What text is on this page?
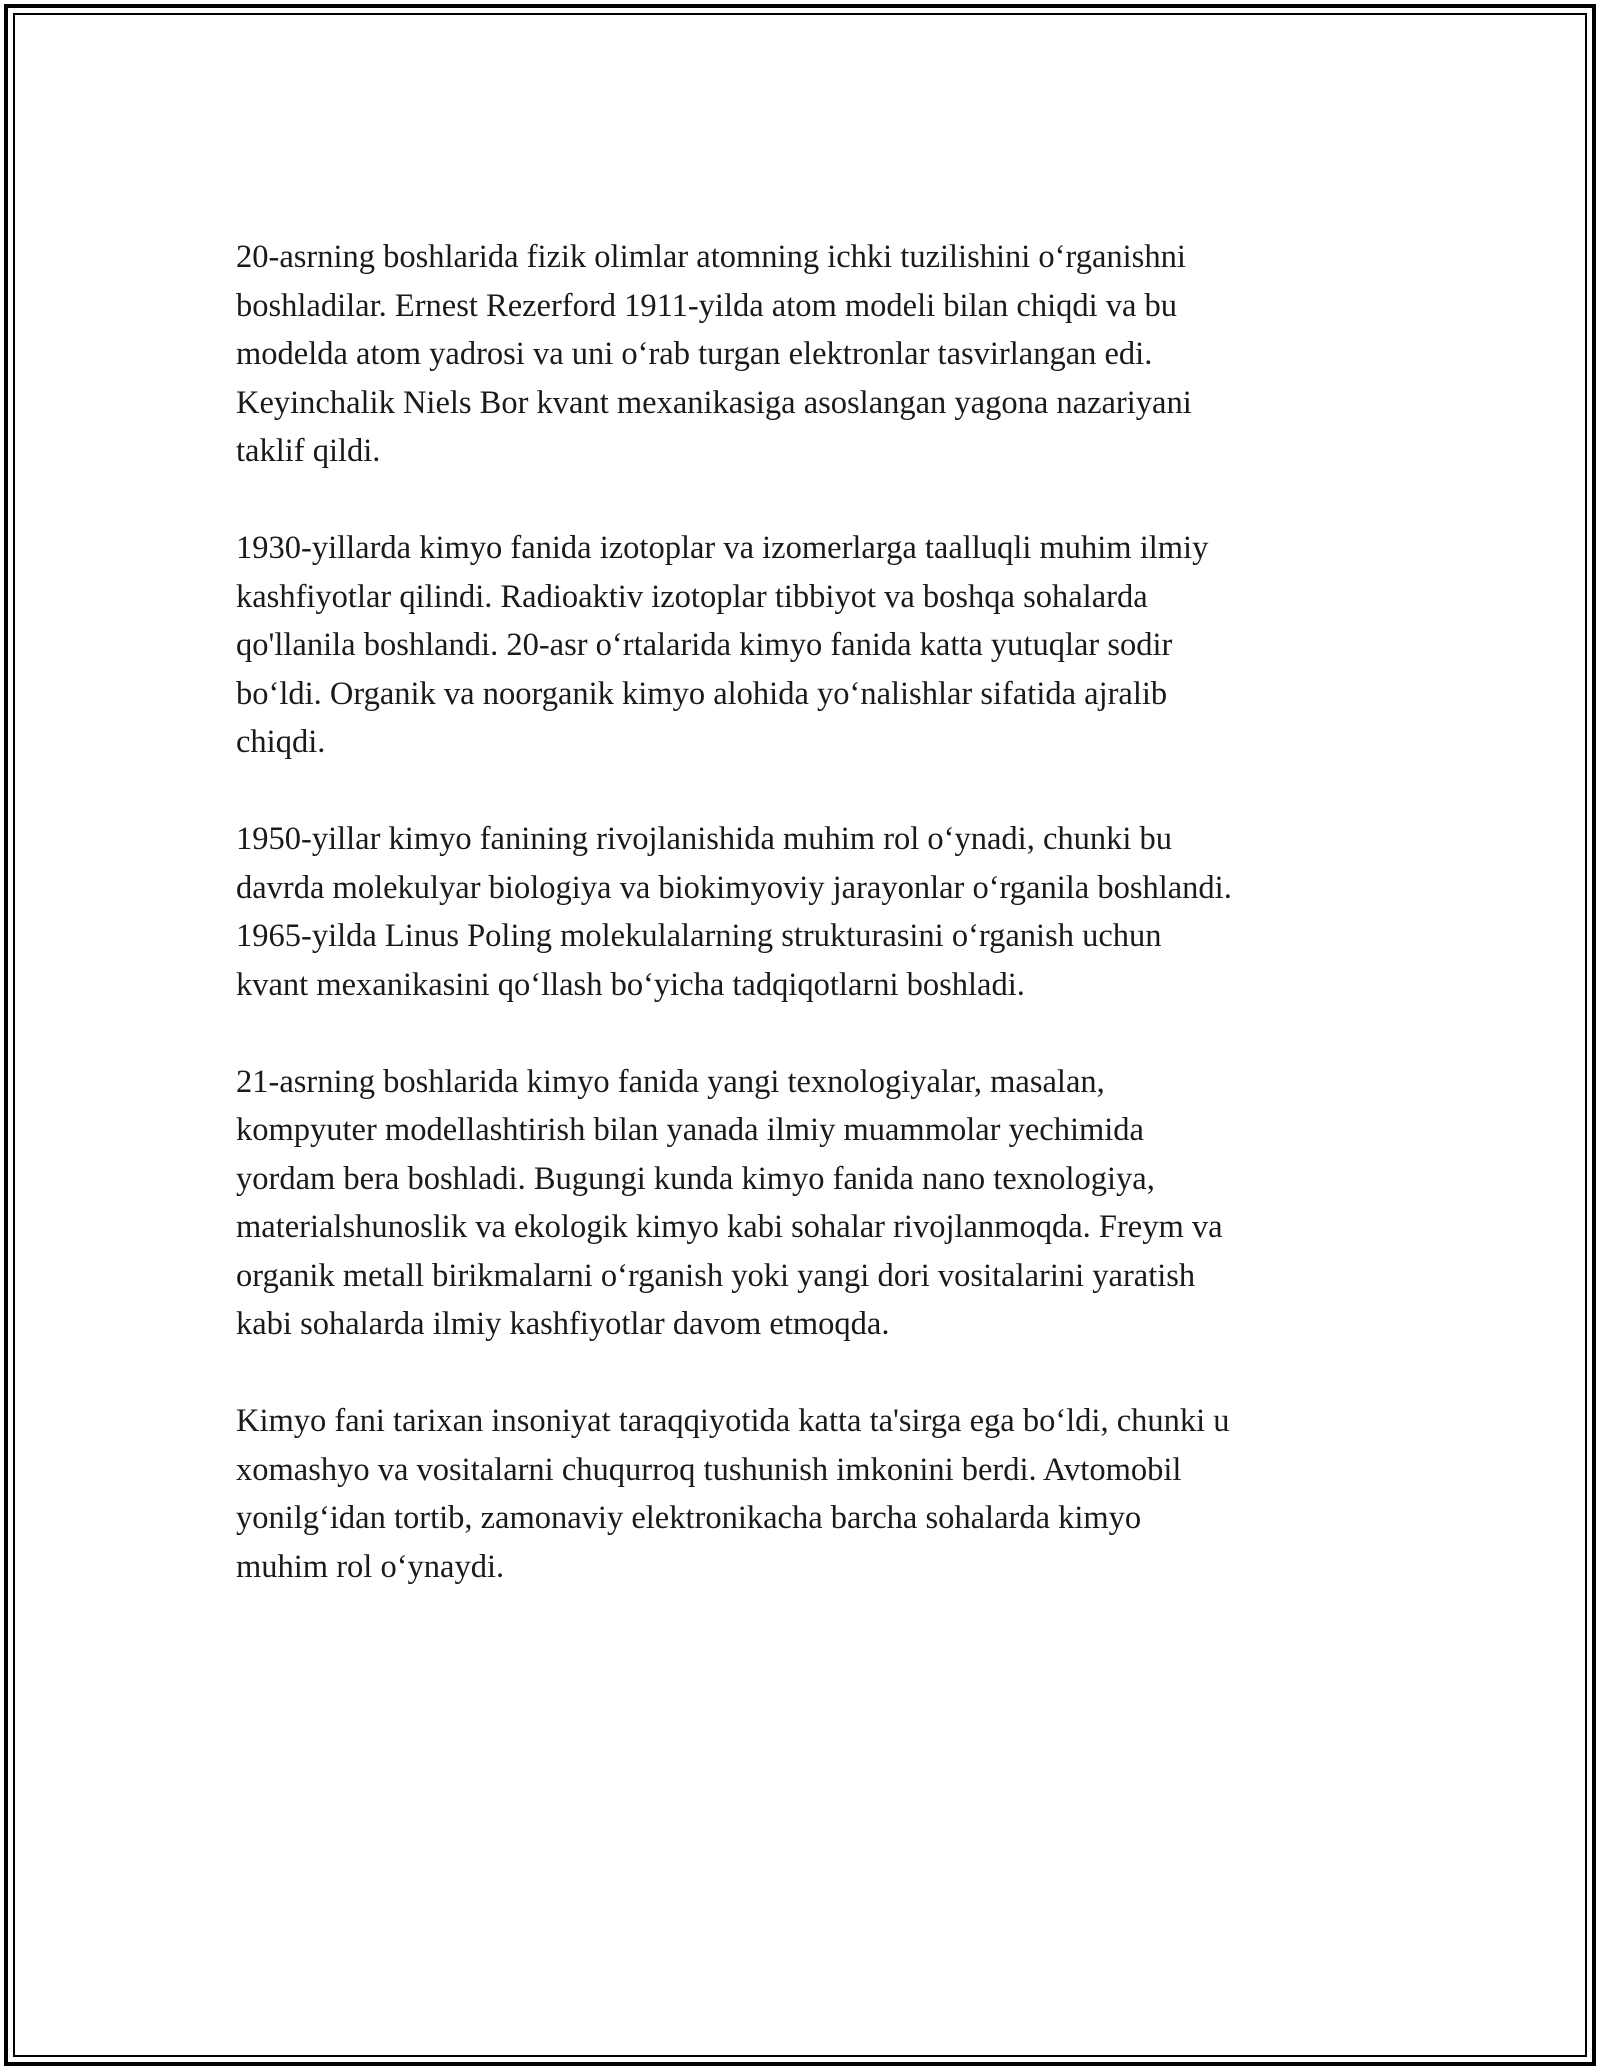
20-asrning boshlarida fizik olimlar atomning ichki tuzilishini o‘rganishni
boshladilar. Ernest Rezerford 1911-yilda atom modeli bilan chiqdi va bu
modelda atom yadrosi va uni o‘rab turgan elektronlar tasvirlangan edi.
Keyinchalik Niels Bor kvant mexanikasiga asoslangan yagona nazariyani
taklif qildi.

1930-yillarda kimyo fanida izotoplar va izomerlarga taalluqli muhim ilmiy
kashfiyotlar qilindi. Radioaktiv izotoplar tibbiyot va boshqa sohalarda
qo'llanila boshlandi. 20-asr o‘rtalarida kimyo fanida katta yutuqlar sodir
bo‘ldi. Organik va noorganik kimyo alohida yo‘nalishlar sifatida ajralib
chiqdi.

1950-yillar kimyo fanining rivojlanishida muhim rol o‘ynadi, chunki bu
davrda molekulyar biologiya va biokimyoviy jarayonlar o‘rganila boshlandi.
1965-yilda Linus Poling molekulalarning strukturasini o‘rganish uchun
kvant mexanikasini qo‘llash bo‘yicha tadqiqotlarni boshladi.

21-asrning boshlarida kimyo fanida yangi texnologiyalar, masalan,
kompyuter modellashtirish bilan yanada ilmiy muammolar yechimida
yordam bera boshladi. Bugungi kunda kimyo fanida nano texnologiya,
materialshunoslik va ekologik kimyo kabi sohalar rivojlanmoqda. Freym va
organik metall birikmalarni o‘rganish yoki yangi dori vositalarini yaratish
kabi sohalarda ilmiy kashfiyotlar davom etmoqda.

Kimyo fani tarixan insoniyat taraqqiyotida katta ta'sirga ega bo‘ldi, chunki u
xomashyo va vositalarni chuqurroq tushunish imkonini berdi. Avtomobil
yonilg‘idan tortib, zamonaviy elektronikacha barcha sohalarda kimyo
muhim rol o‘ynaydi.
